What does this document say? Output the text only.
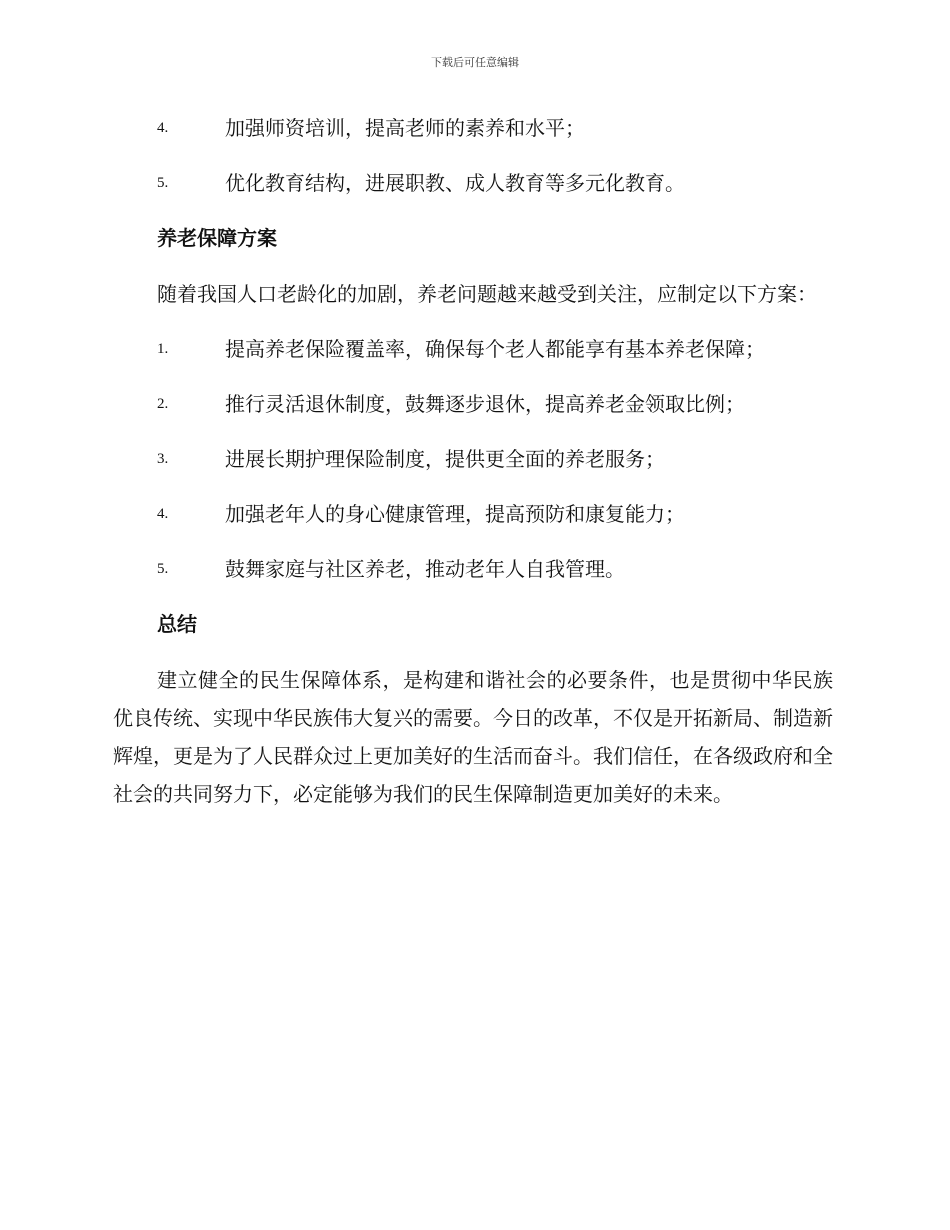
下载后可任意编辑
4.	加强师资培训，提高老师的素养和水平；
5.	优化教育结构，进展职教、成人教育等多元化教育。
养老保障方案

随着我国人口老龄化的加剧，养老问题越来越受到关注，应制定以下方案：

1.	提高养老保险覆盖率，确保每个老人都能享有基本养老保障；
2.	推行灵活退休制度，鼓舞逐步退休，提高养老金领取比例；
3.	进展长期护理保险制度，提供更全面的养老服务；
4.	加强老年人的身心健康管理，提高预防和康复能力；
5.	鼓舞家庭与社区养老，推动老年人自我管理。
总结

建立健全的民生保障体系，是构建和谐社会的必要条件，也是贯彻中华民族优良传统、实现中华民族伟大复兴的需要。今日的改革，不仅是开拓新局、制造新辉煌，更是为了人民群众过上更加美好的生活而奋斗。我们信任，在各级政府和全社会的共同努力下，必定能够为我们的民生保障制造更加美好的未来。
